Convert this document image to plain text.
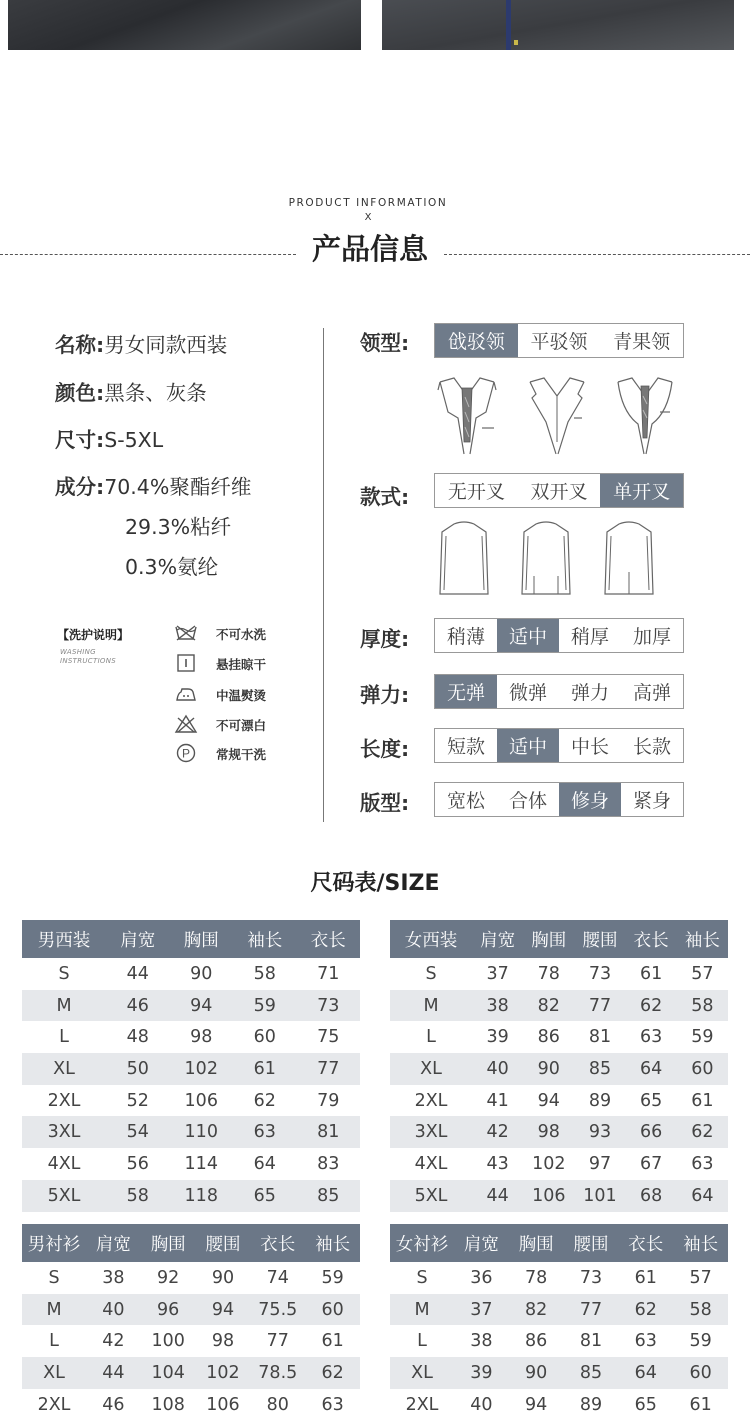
PRODUCT INFORMATION
X
产品信息
名称:男女同款西装
颜色:黑条、灰条
尺寸:S-5XL
成分:70.4%聚酯纤维
29.3%粘纤
0.3%氨纶
【洗护说明】
WASHING
INSTRUCTIONS
不可水洗
悬挂晾干
中温熨烫
不可漂白
P 常规干洗
领型:	戗驳领	平驳领	青果领
款式:	无开叉	双开叉	单开叉
厚度:	稍薄	适中	稍厚	加厚
弹力:	无弹	微弹	弹力	高弹
长度:	短款	适中	中长	长款
版型:	宽松	合体	修身	紧身
尺码表/SIZE
男西装	肩宽	胸围	袖长	衣长
S	44	90	58	71
M	46	94	59	73
L	48	98	60	75
XL	50	102	61	77
2XL	52	106	62	79
3XL	54	110	63	81
4XL	56	114	64	83
5XL	58	118	65	85
女西装	肩宽	胸围	腰围	衣长	袖长
S	37	78	73	61	57
M	38	82	77	62	58
L	39	86	81	63	59
XL	40	90	85	64	60
2XL	41	94	89	65	61
3XL	42	98	93	66	62
4XL	43	102	97	67	63
5XL	44	106	101	68	64
男衬衫	肩宽	胸围	腰围	衣长	袖长
S	38	92	90	74	59
M	40	96	94	75.5	60
L	42	100	98	77	61
XL	44	104	102	78.5	62
2XL	46	108	106	80	63
女衬衫	肩宽	胸围	腰围	衣长	袖长
S	36	78	73	61	57
M	37	82	77	62	58
L	38	86	81	63	59
XL	39	90	85	64	60
2XL	40	94	89	65	61
